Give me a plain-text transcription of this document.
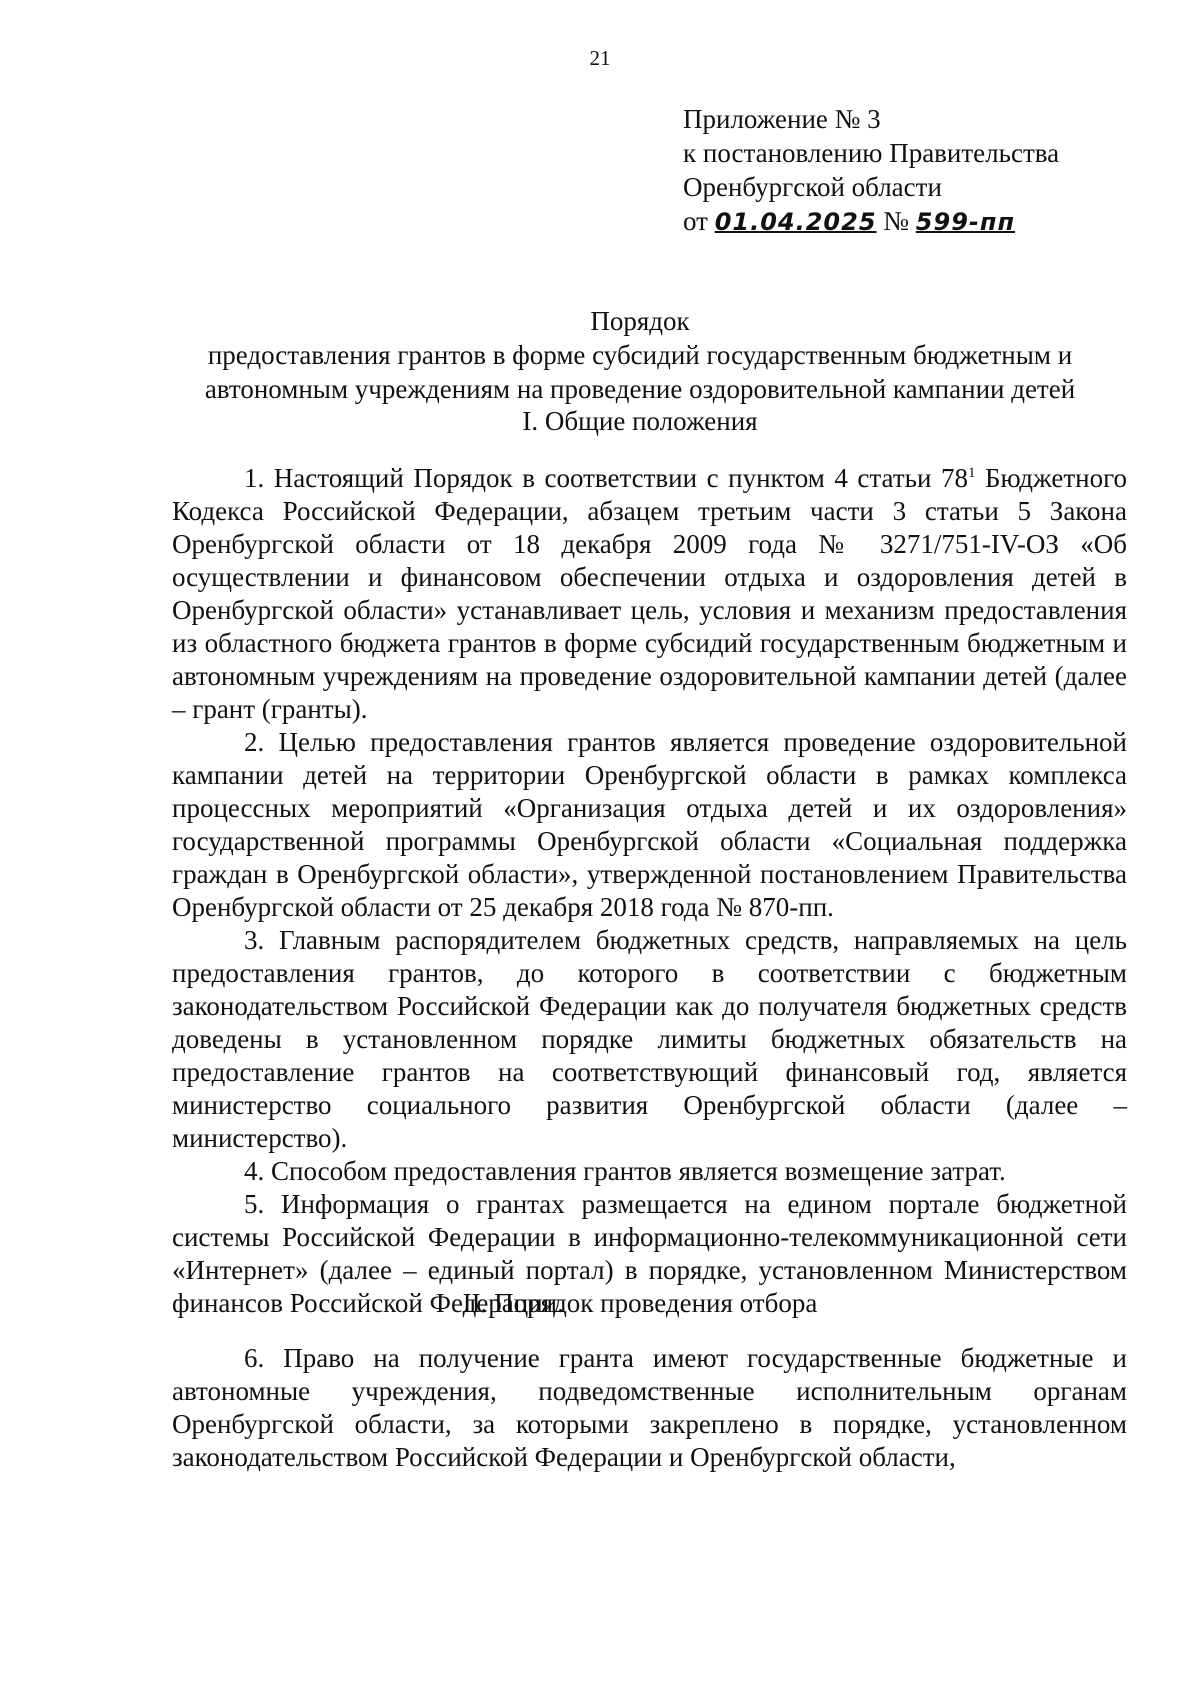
21
Приложение № 3
к постановлению Правительства
Оренбургской области
от 01.04.2025 № 599-пп
Порядок
предоставления грантов в форме субсидий государственным бюджетным и
автономным учреждениям на проведение оздоровительной кампании детей
I. Общие положения

1. Настоящий Порядок в соответствии с пунктом 4 статьи $78^1$ Бюджетного Кодекса Российской Федерации, абзацем третьим части 3 статьи 5 Закона Оренбургской области от 18 декабря 2009 года № 3271/751-IV-ОЗ «Об осуществлении и финансовом обеспечении отдыха и оздоровления детей в Оренбургской области» устанавливает цель, условия и механизм предоставления из областного бюджета грантов в форме субсидий государственным бюджетным и автономным учреждениям на проведение оздоровительной кампании детей (далее – грант (гранты).

2. Целью предоставления грантов является проведение оздоровительной кампании детей на территории Оренбургской области в рамках комплекса процессных мероприятий «Организация отдыха детей и их оздоровления» государственной программы Оренбургской области «Социальная поддержка граждан в Оренбургской области», утвержденной постановлением Правительства Оренбургской области от 25 декабря 2018 года № 870-пп.

3. Главным распорядителем бюджетных средств, направляемых на цель предоставления грантов, до которого в соответствии с бюджетным законодательством Российской Федерации как до получателя бюджетных средств доведены в установленном порядке лимиты бюджетных обязательств на предоставление грантов на соответствующий финансовый год, является министерство социального развития Оренбургской области (далее – министерство).

4. Способом предоставления грантов является возмещение затрат.

5. Информация о грантах размещается на едином портале бюджетной системы Российской Федерации в информационно-телекоммуникационной сети «Интернет» (далее – единый портал) в порядке, установленном Министерством финансов Российской Федерации.

II. Порядок проведения отбора

6. Право на получение гранта имеют государственные бюджетные и автономные учреждения, подведомственные исполнительным органам Оренбургской области, за которыми закреплено в порядке, установленном законодательством Российской Федерации и Оренбургской области,
